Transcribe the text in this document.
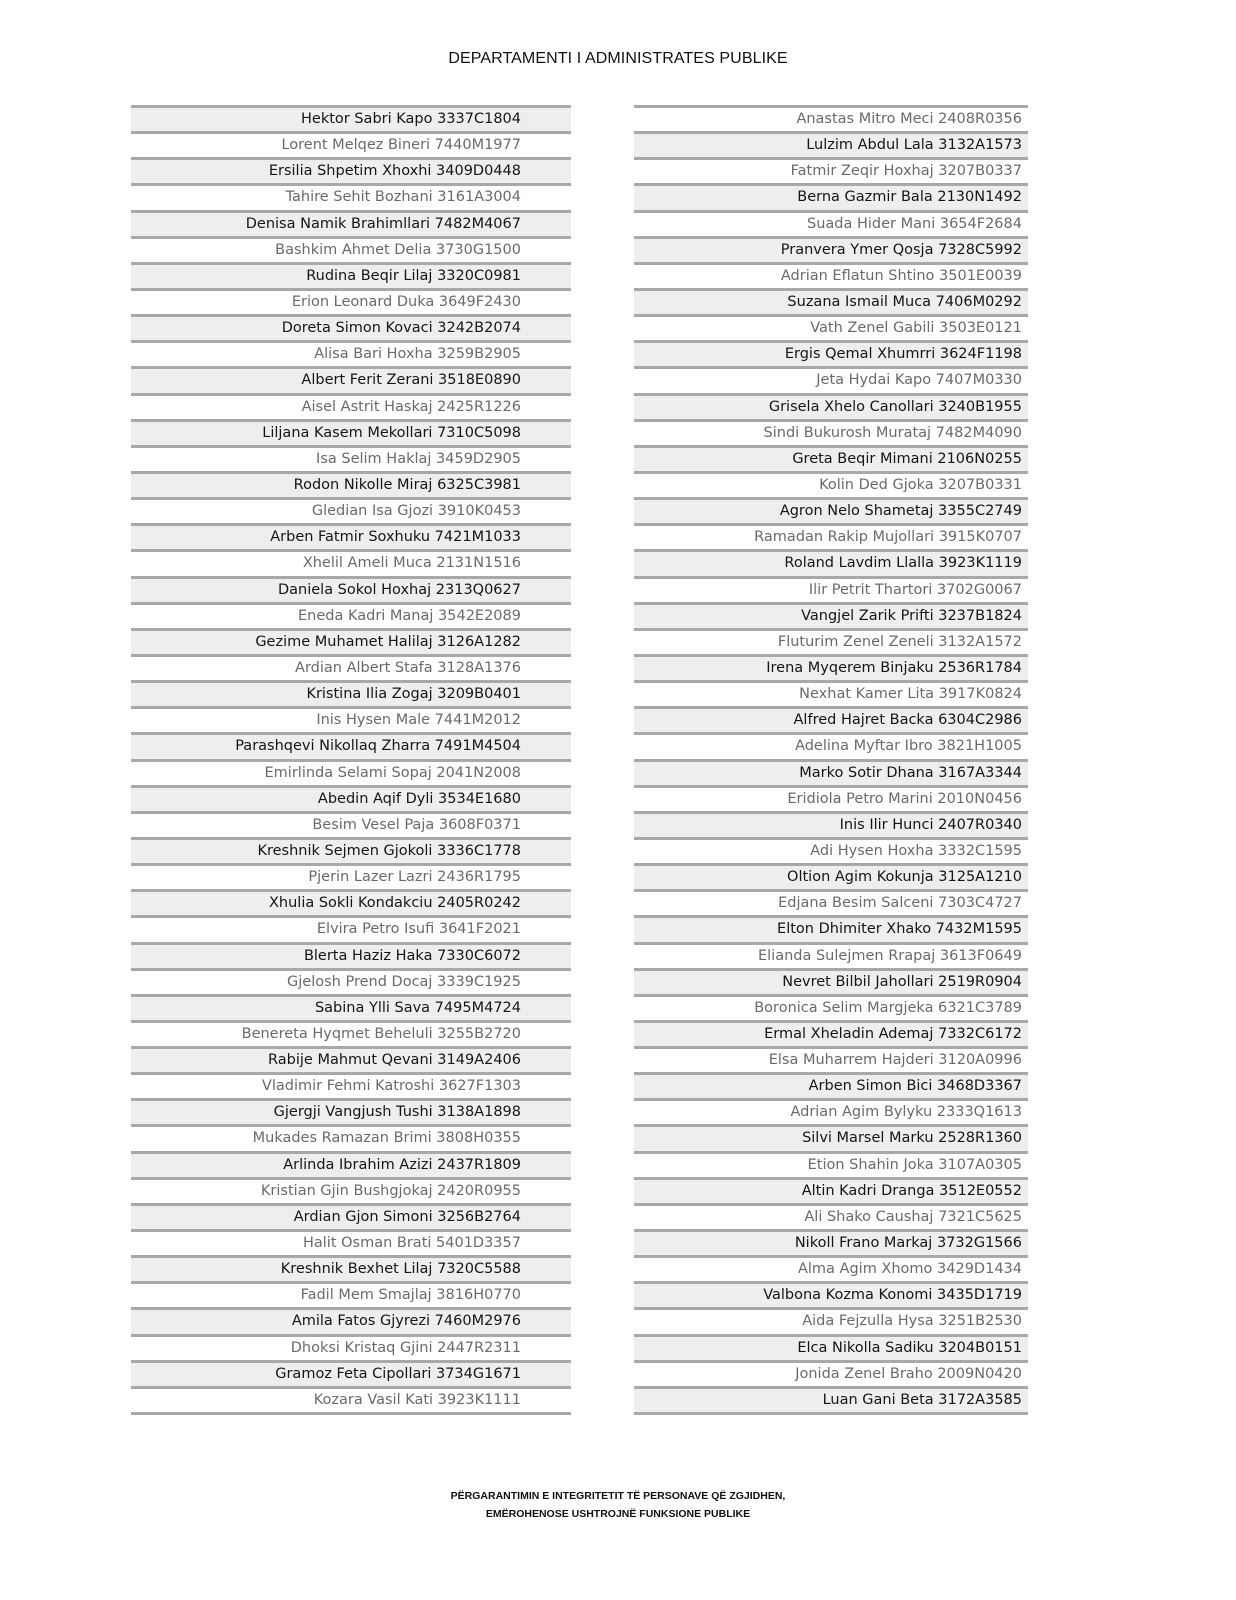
DEPARTAMENTI I ADMINISTRATES PUBLIKE
Hektor Sabri Kapo 3337C1804
Lorent Melqez Bineri 7440M1977
Ersilia Shpetim Xhoxhi 3409D0448
Tahire Sehit Bozhani 3161A3004
Denisa Namik Brahimllari 7482M4067
Bashkim Ahmet Delia 3730G1500
Rudina Beqir Lilaj 3320C0981
Erion Leonard Duka 3649F2430
Doreta Simon Kovaci 3242B2074
Alisa Bari Hoxha 3259B2905
Albert Ferit Zerani 3518E0890
Aisel Astrit Haskaj 2425R1226
Liljana Kasem Mekollari 7310C5098
Isa Selim Haklaj 3459D2905
Rodon Nikolle Miraj 6325C3981
Gledian Isa Gjozi 3910K0453
Arben Fatmir Soxhuku 7421M1033
Xhelil Ameli Muca 2131N1516
Daniela Sokol Hoxhaj 2313Q0627
Eneda Kadri Manaj 3542E2089
Gezime Muhamet Halilaj 3126A1282
Ardian Albert Stafa 3128A1376
Kristina Ilia Zogaj 3209B0401
Inis Hysen Male 7441M2012
Parashqevi Nikollaq Zharra 7491M4504
Emirlinda Selami Sopaj 2041N2008
Abedin Aqif Dyli 3534E1680
Besim Vesel Paja 3608F0371
Kreshnik Sejmen Gjokoli 3336C1778
Pjerin Lazer Lazri 2436R1795
Xhulia Sokli Kondakciu 2405R0242
Elvira Petro Isufi 3641F2021
Blerta Haziz Haka 7330C6072
Gjelosh Prend Docaj 3339C1925
Sabina Ylli Sava 7495M4724
Benereta Hyqmet Beheluli 3255B2720
Rabije Mahmut Qevani 3149A2406
Vladimir Fehmi Katroshi 3627F1303
Gjergji Vangjush Tushi 3138A1898
Mukades Ramazan Brimi 3808H0355
Arlinda Ibrahim Azizi 2437R1809
Kristian Gjin Bushgjokaj 2420R0955
Ardian Gjon Simoni 3256B2764
Halit Osman Brati 5401D3357
Kreshnik Bexhet Lilaj 7320C5588
Fadil Mem Smajlaj 3816H0770
Amila Fatos Gjyrezi 7460M2976
Dhoksi Kristaq Gjini 2447R2311
Gramoz Feta Cipollari 3734G1671
Kozara Vasil Kati 3923K1111
Anastas Mitro Meci 2408R0356
Lulzim Abdul Lala 3132A1573
Fatmir Zeqir Hoxhaj 3207B0337
Berna Gazmir Bala 2130N1492
Suada Hider Mani 3654F2684
Pranvera Ymer Qosja 7328C5992
Adrian Eflatun Shtino 3501E0039
Suzana Ismail Muca 7406M0292
Vath Zenel Gabili 3503E0121
Ergis Qemal Xhumrri 3624F1198
Jeta Hydai Kapo 7407M0330
Grisela Xhelo Canollari 3240B1955
Sindi Bukurosh Murataj 7482M4090
Greta Beqir Mimani 2106N0255
Kolin Ded Gjoka 3207B0331
Agron Nelo Shametaj 3355C2749
Ramadan Rakip Mujollari 3915K0707
Roland Lavdim Llalla 3923K1119
Ilir Petrit Thartori 3702G0067
Vangjel Zarik Prifti 3237B1824
Fluturim Zenel Zeneli 3132A1572
Irena Myqerem Binjaku 2536R1784
Nexhat Kamer Lita 3917K0824
Alfred Hajret Backa 6304C2986
Adelina Myftar Ibro 3821H1005
Marko Sotir Dhana 3167A3344
Eridiola Petro Marini 2010N0456
Inis Ilir Hunci 2407R0340
Adi Hysen Hoxha 3332C1595
Oltion Agim Kokunja 3125A1210
Edjana Besim Salceni 7303C4727
Elton Dhimiter Xhako 7432M1595
Elianda Sulejmen Rrapaj 3613F0649
Nevret Bilbil Jahollari 2519R0904
Boronica Selim Margjeka 6321C3789
Ermal Xheladin Ademaj 7332C6172
Elsa Muharrem Hajderi 3120A0996
Arben Simon Bici 3468D3367
Adrian Agim Bylyku 2333Q1613
Silvi Marsel Marku 2528R1360
Etion Shahin Joka 3107A0305
Altin Kadri Dranga 3512E0552
Ali Shako Caushaj 7321C5625
Nikoll Frano Markaj 3732G1566
Alma Agim Xhomo 3429D1434
Valbona Kozma Konomi 3435D1719
Aida Fejzulla Hysa 3251B2530
Elca Nikolla Sadiku 3204B0151
Jonida Zenel Braho 2009N0420
Luan Gani Beta 3172A3585
PËRGARANTIMIN E INTEGRITETIT TË PERSONAVE QË ZGJIDHEN,
EMËROHENOSE USHTROJNË FUNKSIONE PUBLIKE
